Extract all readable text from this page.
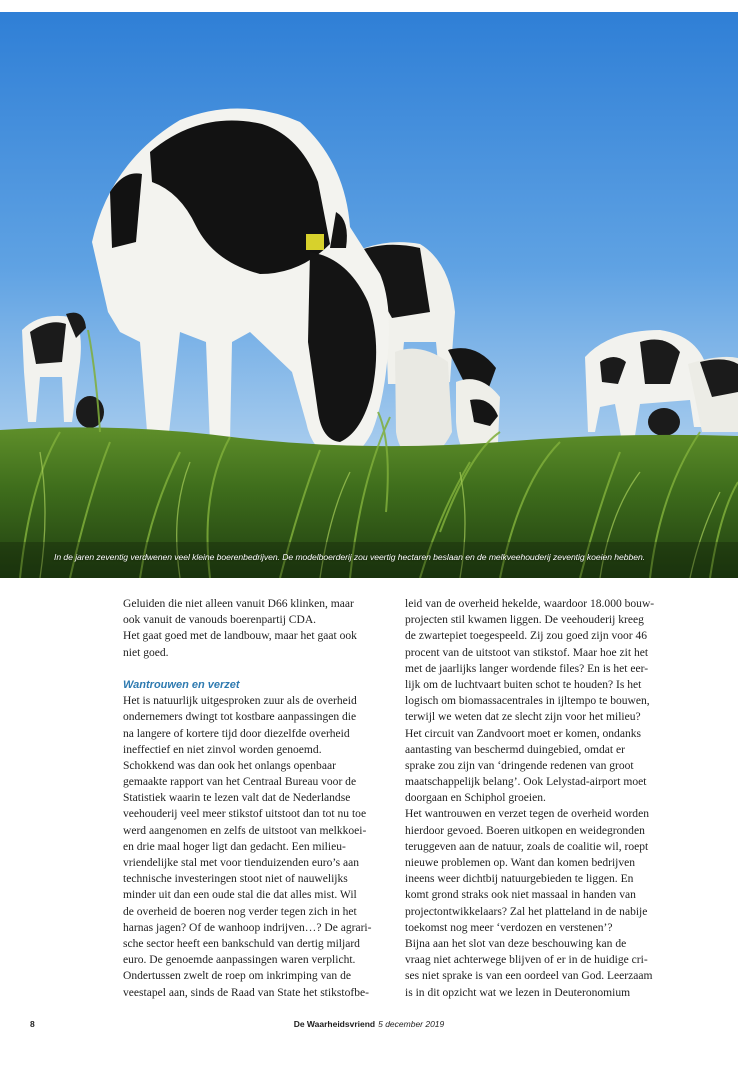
In de jaren zeventig verdwenen veel kleine boerenbedrijven. De modelboerderij zou veertig hectaren beslaan en de melkveehouderij zeventig koeien hebben.
Geluiden die niet alleen vanuit D66 klinken, maar
ook vanuit de vanouds boerenpartij CDA.
Het gaat goed met de landbouw, maar het gaat ook
niet goed.
Wantrouwen en verzet
Het is natuurlijk uitgesproken zuur als de overheid
ondernemers dwingt tot kostbare aanpassingen die
na langere of kortere tijd door diezelfde overheid
ineffectief en niet zinvol worden genoemd.
Schokkend was dan ook het onlangs openbaar
gemaakte rapport van het Centraal Bureau voor de
Statistiek waarin te lezen valt dat de Nederlandse
veehouderij veel meer stikstof uitstoot dan tot nu toe
werd aangenomen en zelfs de uitstoot van melkkoei-
en drie maal hoger ligt dan gedacht. Een milieu-
vriendelijke stal met voor tienduizenden euro’s aan
technische investeringen stoot niet of nauwelijks
minder uit dan een oude stal die dat alles mist. Wil
de overheid de boeren nog verder tegen zich in het
harnas jagen? Of de wanhoop indrijven…? De agrari-
sche sector heeft een bankschuld van dertig miljard
euro. De genoemde aanpassingen waren verplicht.
Ondertussen zwelt de roep om inkrimping van de
veestapel aan, sinds de Raad van State het stikstofbe-
leid van de overheid hekelde, waardoor 18.000 bouw-
projecten stil kwamen liggen. De veehouderij kreeg
de zwartepiet toegespeeld. Zij zou goed zijn voor 46
procent van de uitstoot van stikstof. Maar hoe zit het
met de jaarlijks langer wordende files? En is het eer-
lijk om de luchtvaart buiten schot te houden? Is het
logisch om biomassacentrales in ijltempo te bouwen,
terwijl we weten dat ze slecht zijn voor het milieu?
Het circuit van Zandvoort moet er komen, ondanks
aantasting van beschermd duingebied, omdat er
sprake zou zijn van ‘dringende redenen van groot
maatschappelijk belang’. Ook Lelystad-airport moet
doorgaan en Schiphol groeien.
Het wantrouwen en verzet tegen de overheid worden
hierdoor gevoed. Boeren uitkopen en weidegronden
teruggeven aan de natuur, zoals de coalitie wil, roept
nieuwe problemen op. Want dan komen bedrijven
ineens weer dichtbij natuurgebieden te liggen. En
komt grond straks ook niet massaal in handen van
projectontwikkelaars? Zal het platteland in de nabije
toekomst nog meer ‘verdozen en verstenen’?
Bijna aan het slot van deze beschouwing kan de
vraag niet achterwege blijven of er in de huidige cri-
ses niet sprake is van een oordeel van God. Leerzaam
is in dit opzicht wat we lezen in Deuteronomium
8	De Waarheidsvriend 5 december 2019
